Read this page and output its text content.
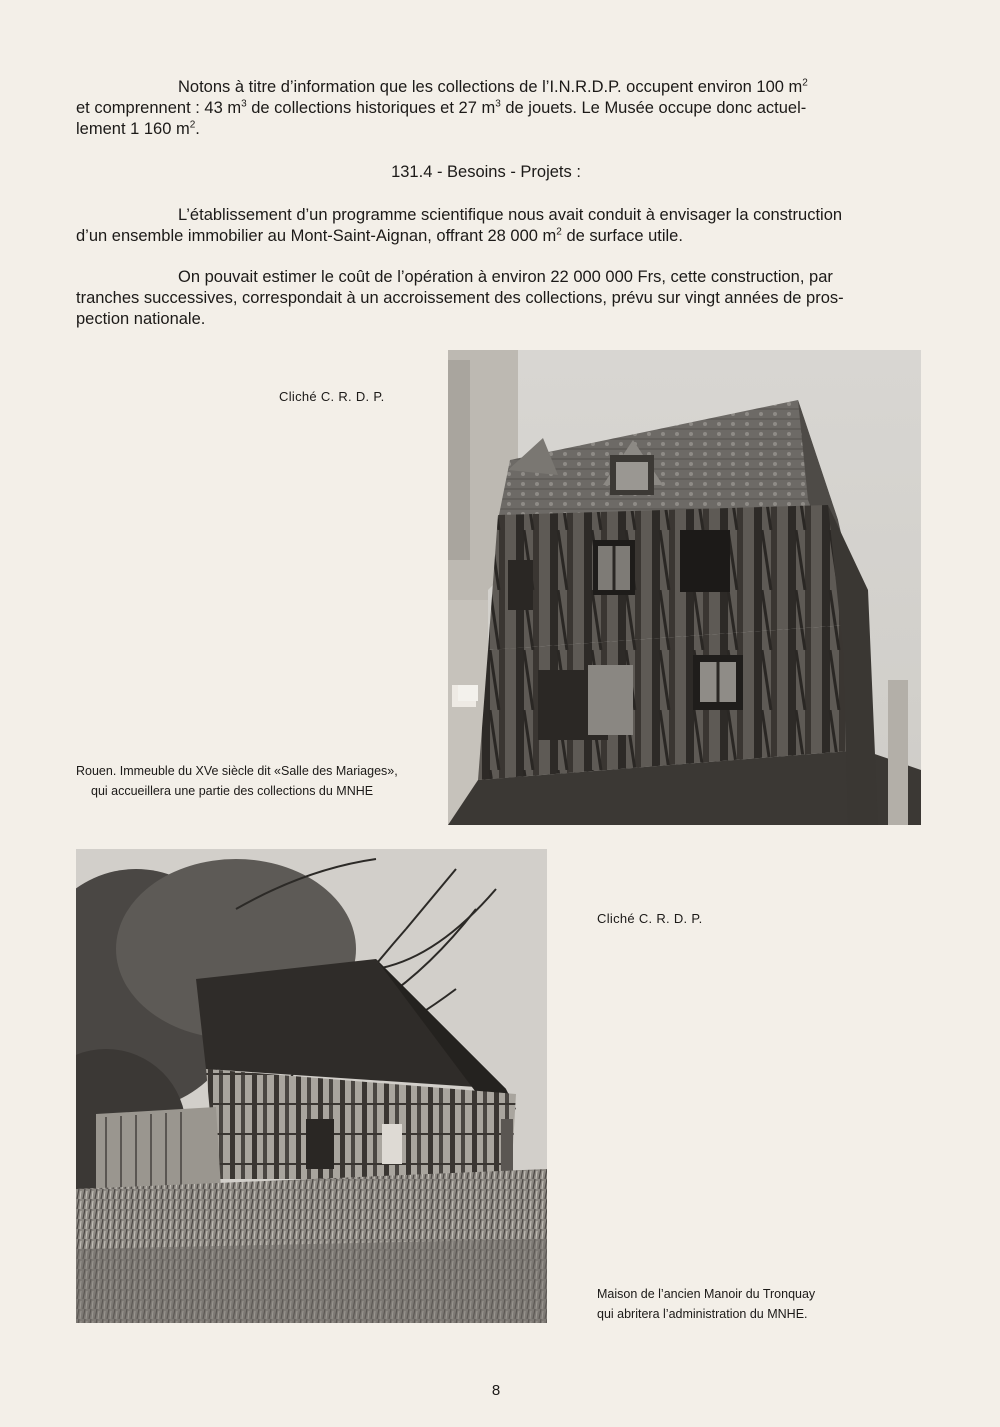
Notons à titre d’information que les collections de l’I.N.R.D.P. occupent environ 100 $m^2$
et comprennent : 43 $m^3$ de collections historiques et 27 $m^3$ de jouets. Le Musée occupe donc actuel-
lement 1 160 $m^2$.

131.4 - Besoins - Projets :

L’établissement d’un programme scientifique nous avait conduit à envisager la construction
d’un ensemble immobilier au Mont-Saint-Aignan, offrant 28 000 $m^2$ de surface utile.

On pouvait estimer le coût de l’opération à environ 22 000 000 Frs, cette construction, par
tranches successives, correspondait à un accroissement des collections, prévu sur vingt années de pros-
pection nationale.

Cliché C. R. D. P.
Rouen. Immeuble du XVe siècle dit «Salle des Mariages»,
qui accueillera une partie des collections du MNHE
Cliché C. R. D. P.
Maison de l’ancien Manoir du Tronquay
qui abritera l’administration du MNHE.
8
